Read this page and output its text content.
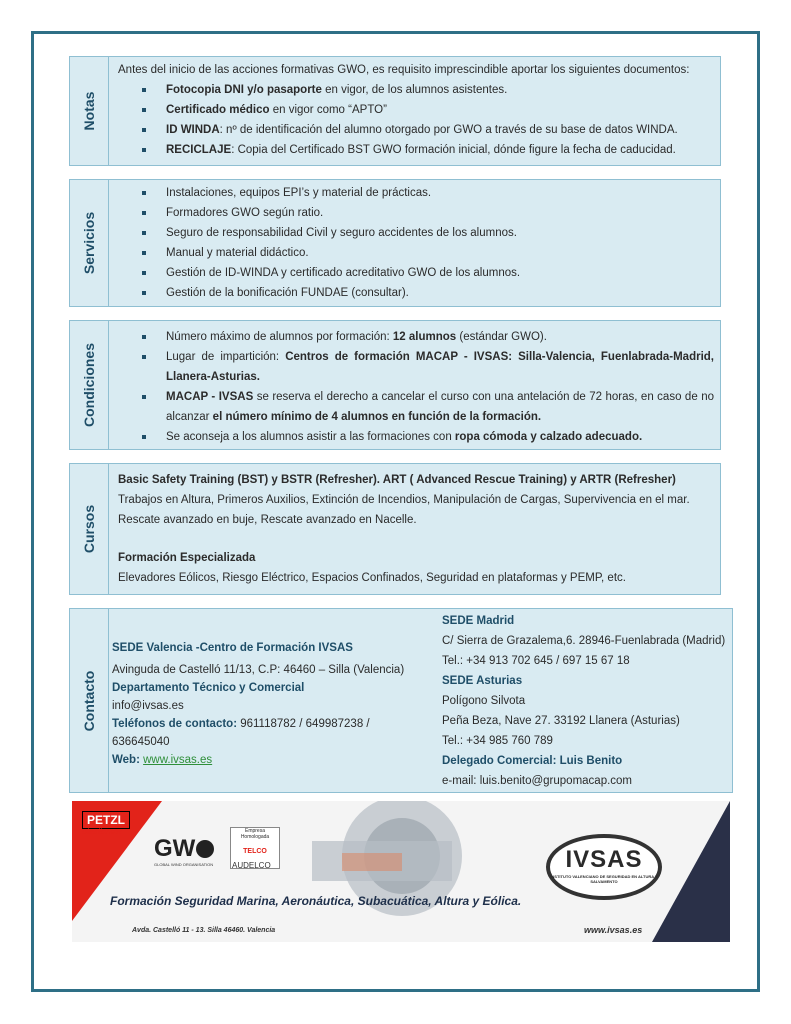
Notas

Antes del inicio de las acciones formativas GWO, es requisito imprescindible aportar los siguientes documentos:

Fotocopia DNI y/o pasaporte en vigor, de los alumnos asistentes.
Certificado médico en vigor como “APTO”
ID WINDA: nº de identificación del alumno otorgado por GWO a través de su base de datos WINDA.
RECICLAJE: Copia del Certificado BST GWO formación inicial, dónde figure la fecha de caducidad.
Servicios
Instalaciones, equipos EPI’s y material de prácticas.
Formadores GWO según ratio.
Seguro de responsabilidad Civil y seguro accidentes de los alumnos.
Manual y material didáctico.
Gestión de ID-WINDA y certificado acreditativo GWO de los alumnos.
Gestión de la bonificación FUNDAE (consultar).
Condiciones
Número máximo de alumnos por formación: 12 alumnos (estándar GWO).
Lugar de impartición: Centros de formación MACAP - IVSAS: Silla-Valencia, Fuenlabrada-Madrid, Llanera-Asturias.
MACAP - IVSAS se reserva el derecho a cancelar el curso con una antelación de 72 horas, en caso de no alcanzar el número mínimo de 4 alumnos en función de la formación.
Se aconseja a los alumnos asistir a las formaciones con ropa cómoda y calzado adecuado.
Cursos

Basic Safety Training (BST) y BSTR (Refresher). ART ( Advanced Rescue Training) y ARTR (Refresher)

Trabajos en Altura, Primeros Auxilios, Extinción de Incendios, Manipulación de Cargas, Supervivencia en el mar.

Rescate avanzado en buje, Rescate avanzado en Nacelle.

Formación Especializada

Elevadores Eólicos, Riesgo Eléctrico, Espacios Confinados, Seguridad en plataformas y PEMP, etc.

Contacto
SEDE Valencia -Centro de Formación IVSAS
Avinguda de Castelló 11/13, C.P: 46460 – Silla (Valencia)
Departamento Técnico y Comercial
info@ivsas.es
Teléfonos de contacto: 961118782 / 649987238 / 636645040
Web: www.ivsas.es
SEDE Madrid
C/ Sierra de Grazalema,6. 28946-Fuenlabrada (Madrid)
Tel.: +34 913 702 645 / 697 15 67 18
SEDE Asturias
Polígono Silvota
Peña Beza, Nave 27. 33192 Llanera (Asturias)
Tel.: +34 985 760 789
Delegado Comercial: Luis Benito
e-mail: luis.benito@grupomacap.com
PETZL
Distributeur
GW
GLOBAL WIND ORGANISATION
Empresa Homologada
TELCO
AUDELCO	IVSAS
INSTITUTO VALENCIANO DE SEGURIDAD EN ALTURA Y SALVAMENTO
Formación Seguridad Marina, Aeronáutica, Subacuática, Altura y Eólica.
Avda. Castelló 11 - 13. Silla 46460. Valencia	www.ivsas.es
